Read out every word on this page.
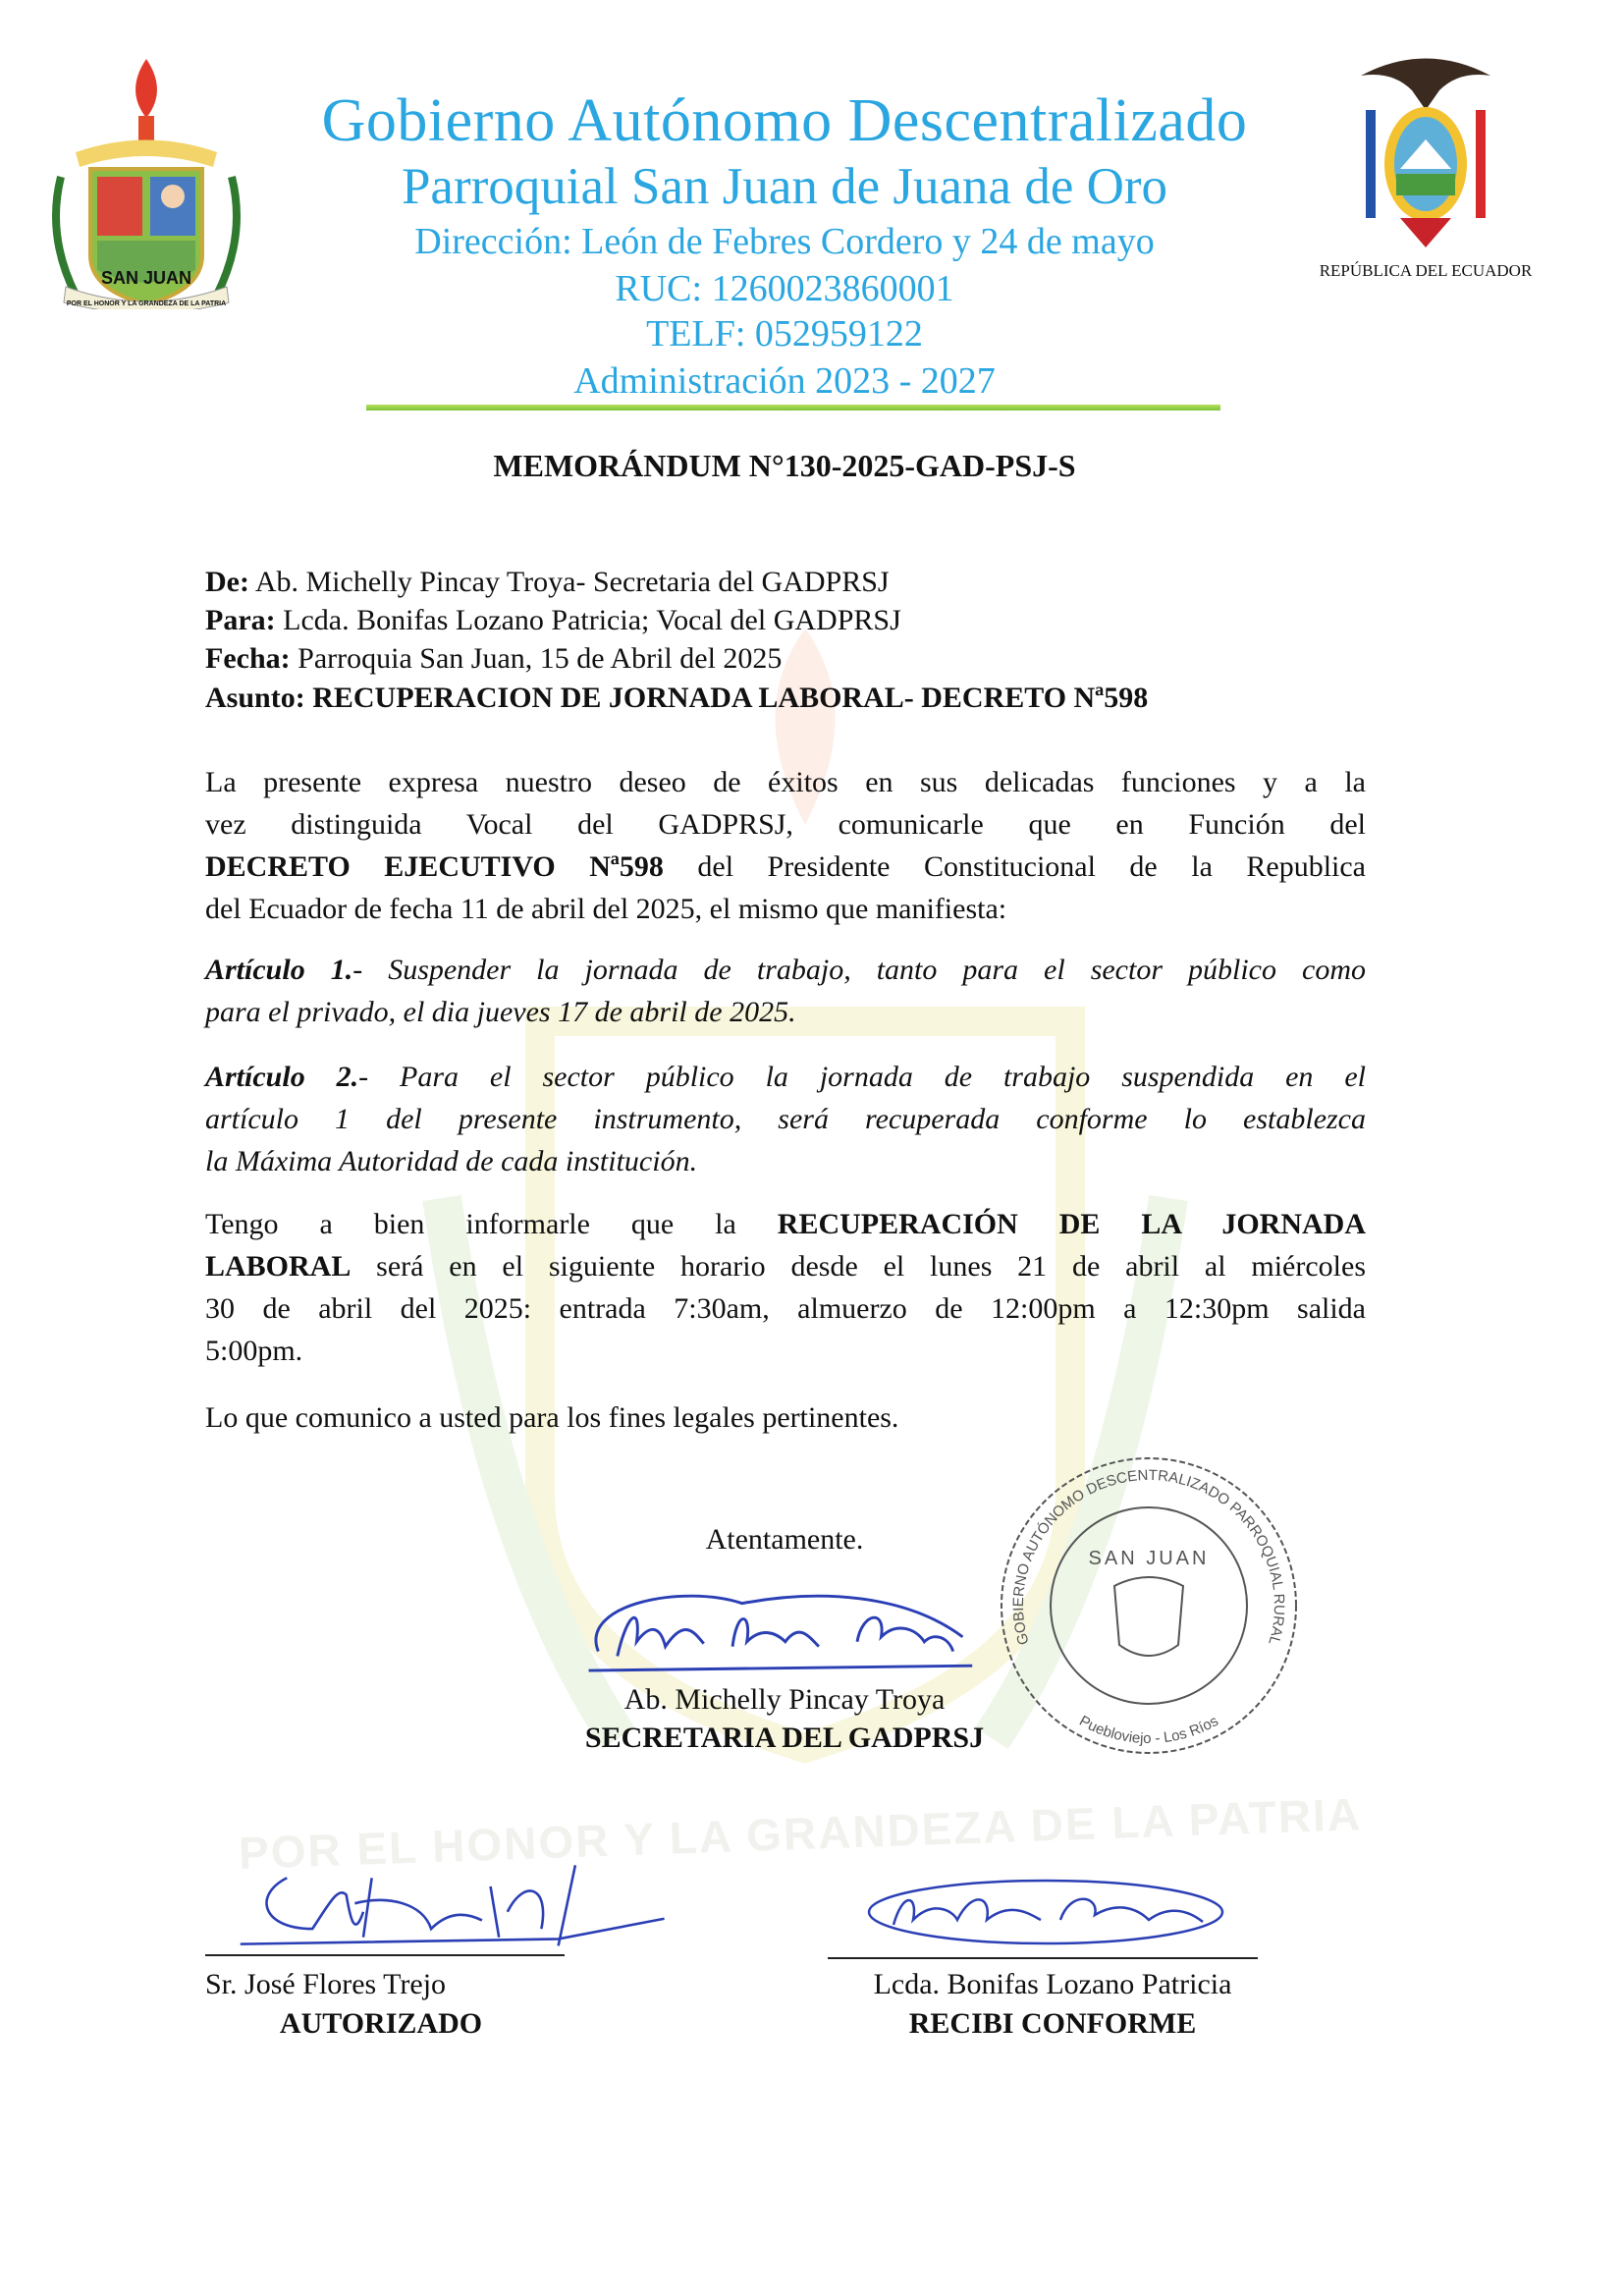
POR EL HONOR Y LA GRANDEZA DE LA PATRIA
SAN JUAN
POR EL HONOR Y LA GRANDEZA DE LA PATRIA
REPÚBLICA DEL ECUADOR
Gobierno Autónomo Descentralizado
Parroquial San Juan de Juana de Oro
Dirección: León de Febres Cordero y 24 de mayo
RUC: 1260023860001
TELF: 052959122
Administración 2023 - 2027
MEMORÁNDUM N°130-2025-GAD-PSJ-S
De: Ab. Michelly Pincay Troya- Secretaria del GADPRSJ
Para: Lcda. Bonifas Lozano Patricia; Vocal del GADPRSJ
Fecha: Parroquia San Juan, 15 de Abril del 2025
Asunto: RECUPERACION DE JORNADA LABORAL- DECRETO Nª598
La presente expresa nuestro deseo de éxitos en sus delicadas funciones y a la
vez distinguida Vocal del GADPRSJ, comunicarle que en Función del
DECRETO EJECUTIVO Nª598 del Presidente Constitucional de la Republica
del Ecuador de fecha 11 de abril del 2025, el mismo que manifiesta:
Artículo 1.- Suspender la jornada de trabajo, tanto para el sector público como
para el privado, el dia jueves 17 de abril de 2025.
Artículo 2.- Para el sector público la jornada de trabajo suspendida en el
artículo 1 del presente instrumento, será recuperada conforme lo establezca
la Máxima Autoridad de cada institución.
Tengo a bien informarle que la RECUPERACIÓN DE LA JORNADA
LABORAL será en el siguiente horario desde el lunes 21 de abril al miércoles
30 de abril del 2025: entrada 7:30am, almuerzo de 12:00pm a 12:30pm salida
5:00pm.
Lo que comunico a usted para los fines legales pertinentes.
Atentamente.
Ab. Michelly Pincay Troya
SECRETARIA DEL GADPRSJ
GOBIERNO AUTÓNOMO DESCENTRALIZADO PARROQUIAL RURAL
Puebloviejo - Los Ríos
SAN JUAN
Sr. José Flores Trejo
AUTORIZADO
Lcda. Bonifas Lozano Patricia
RECIBI CONFORME
